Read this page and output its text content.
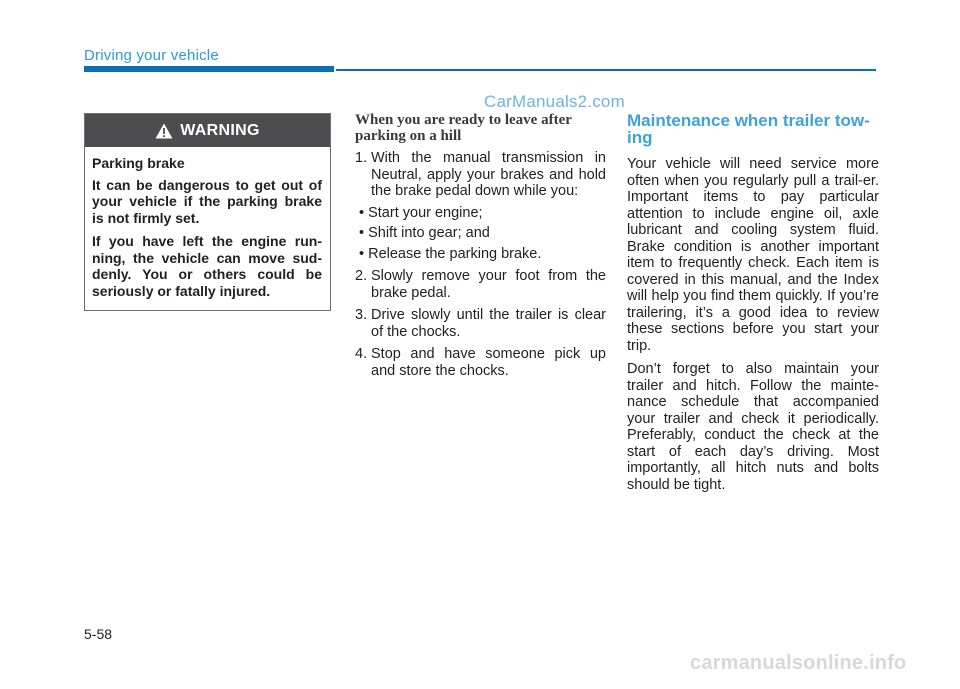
Driving your vehicle
CarManuals2.com
WARNING

Parking brake

It can be dangerous to get out of your vehicle if the parking brake is not firmly set.

If you have left the engine run-ning, the vehicle can move sud-denly. You or others could be seriously or fatally injured.

When you are ready to leave after parking on a hill
1. With the manual transmission in Neutral, apply your brakes and hold the brake pedal down while you:
• Start your engine;
• Shift into gear; and
• Release the parking brake.
2. Slowly remove your foot from the brake pedal.
3. Drive slowly until the trailer is clear of the chocks.
4. Stop and have someone pick up and store the chocks.
Maintenance when trailer tow-ing

Your vehicle will need service more often when you regularly pull a trail-er. Important items to pay particular attention to include engine oil, axle lubricant and cooling system fluid. Brake condition is another important item to frequently check. Each item is covered in this manual, and the Index will help you find them quickly. If you’re trailering, it’s a good idea to review these sections before you start your trip.

Don’t forget to also maintain your trailer and hitch. Follow the mainte-nance schedule that accompanied your trailer and check it periodically. Preferably, conduct the check at the start of each day’s driving. Most importantly, all hitch nuts and bolts should be tight.

5-58
carmanualsonline.info
